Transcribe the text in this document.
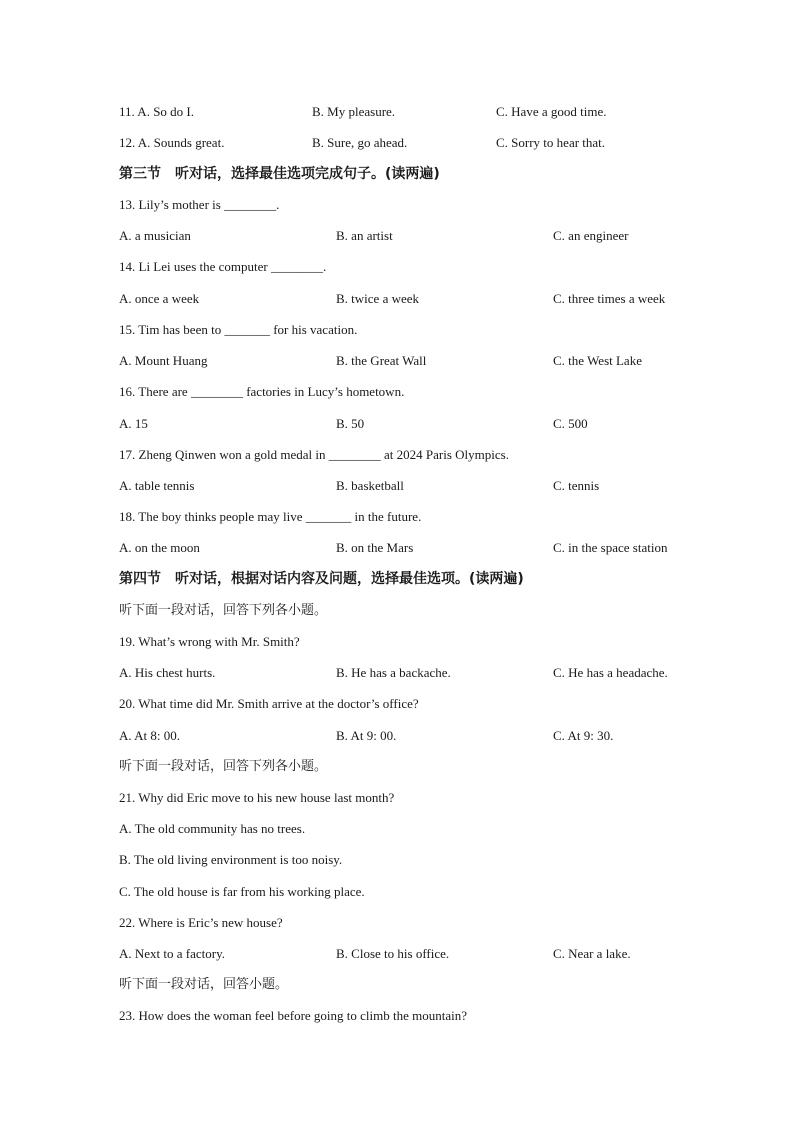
11. A. So do I.	B. My pleasure.	C. Have a good time.
12. A. Sounds great.	B. Sure, go ahead.	C. Sorry to hear that.
第三节　听对话，选择最佳选项完成句子。(读两遍)
13. Lily’s mother is ________.
A. a musician	B. an artist	C. an engineer
14. Li Lei uses the computer ________.
A. once a week	B. twice a week	C. three times a week
15. Tim has been to _______ for his vacation.
A. Mount Huang	B. the Great Wall	C. the West Lake
16. There are ________ factories in Lucy’s hometown.
A. 15	B. 50	C. 500
17. Zheng Qinwen won a gold medal in ________ at 2024 Paris Olympics.
A. table tennis	B. basketball	C. tennis
18. The boy thinks people may live _______ in the future.
A. on the moon	B. on the Mars	C. in the space station
第四节　听对话，根据对话内容及问题，选择最佳选项。(读两遍)
听下面一段对话，回答下列各小题。
19. What’s wrong with Mr. Smith?
A. His chest hurts.	B. He has a backache.	C. He has a headache.
20. What time did Mr. Smith arrive at the doctor’s office?
A. At 8: 00.	B. At 9: 00.	C. At 9: 30.
听下面一段对话，回答下列各小题。
21. Why did Eric move to his new house last month?
A. The old community has no trees.
B. The old living environment is too noisy.
C. The old house is far from his working place.
22. Where is Eric’s new house?
A. Next to a factory.	B. Close to his office.	C. Near a lake.
听下面一段对话，回答小题。
23. How does the woman feel before going to climb the mountain?
